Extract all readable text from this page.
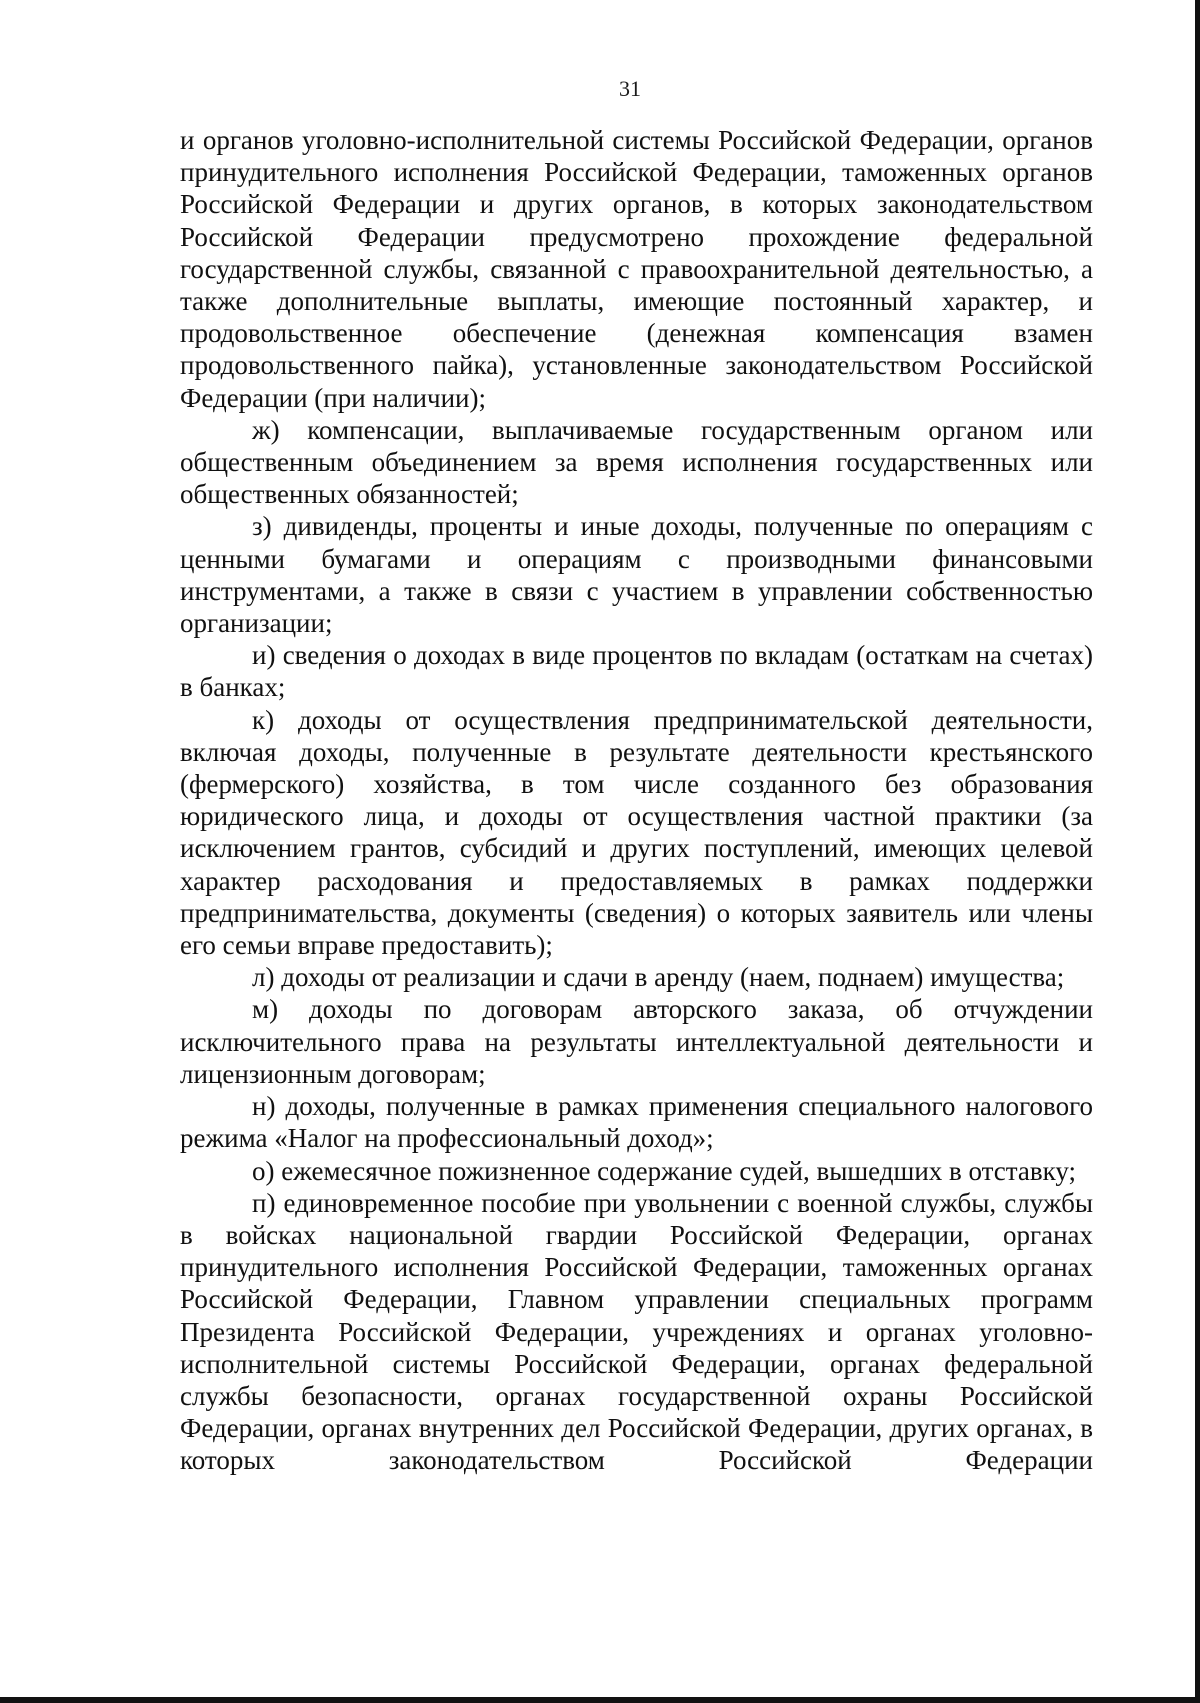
31

и органов уголовно-исполнительной системы Российской Федерации, органов принудительного исполнения Российской Федерации, таможенных органов Российской Федерации и других органов, в которых законодательством Российской Федерации предусмотрено прохождение федеральной государственной службы, связанной с правоохранительной деятельностью, а также дополнительные выплаты, имеющие постоянный характер, и продовольственное обеспечение (денежная компенсация взамен продовольственного пайка), установленные законодательством Российской Федерации (при наличии);

ж) компенсации, выплачиваемые государственным органом или общественным объединением за время исполнения государственных или общественных обязанностей;

з) дивиденды, проценты и иные доходы, полученные по операциям с ценными бумагами и операциям с производными финансовыми инструментами, а также в связи с участием в управлении собственностью организации;

и) сведения о доходах в виде процентов по вкладам (остаткам на счетах) в банках;

к) доходы от осуществления предпринимательской деятельности, включая доходы, полученные в результате деятельности крестьянского (фермерского) хозяйства, в том числе созданного без образования юридического лица, и доходы от осуществления частной практики (за исключением грантов, субсидий и других поступлений, имеющих целевой характер расходования и предоставляемых в рамках поддержки предпринимательства, документы (сведения) о которых заявитель или члены его семьи вправе предоставить);

л) доходы от реализации и сдачи в аренду (наем, поднаем) имущества;

м) доходы по договорам авторского заказа, об отчуждении исключительного права на результаты интеллектуальной деятельности и лицензионным договорам;

н) доходы, полученные в рамках применения специального налогового режима «Налог на профессиональный доход»;

о) ежемесячное пожизненное содержание судей, вышедших в отставку;

п) единовременное пособие при увольнении с военной службы, службы в войсках национальной гвардии Российской Федерации, органах принудительного исполнения Российской Федерации, таможенных органах Российской Федерации, Главном управлении специальных программ Президента Российской Федерации, учреждениях и органах уголовно-исполнительной системы Российской Федерации, органах федеральной службы безопасности, органах государственной охраны Российской Федерации, органах внутренних дел Российской Федерации, других органах, в которых законодательством Российской Федерации
